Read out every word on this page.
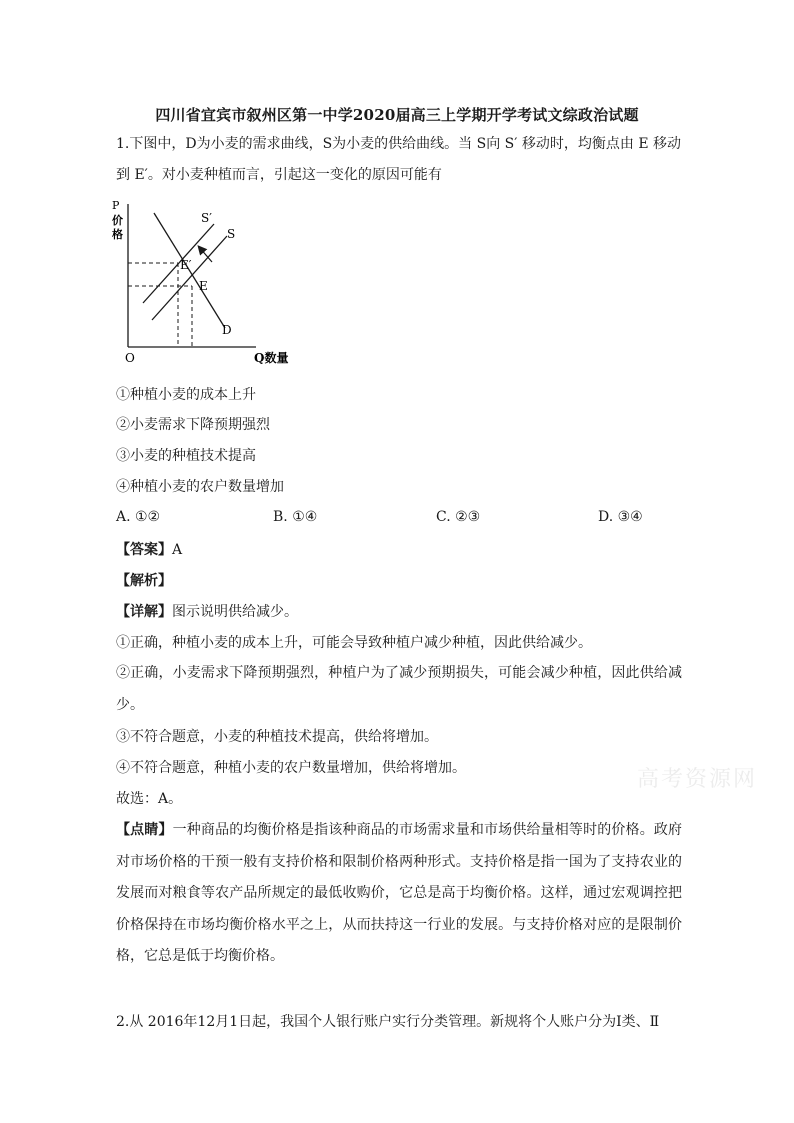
四川省宜宾市叙州区第一中学2020届高三上学期开学考试文综政治试题
1.下图中，D为小麦的需求曲线，S为小麦的供给曲线。当 S向 S′ 移动时，均衡点由 E 移动
到 E′。对小麦种植而言，引起这一变化的原因可能有
P
价
格
S′
S
E′
E
D
O	Q数量
①种植小麦的成本上升
②小麦需求下降预期强烈
③小麦的种植技术提高
④种植小麦的农户数量增加
A. ①②	B. ①④	C. ②③	D. ③④
【答案】A
【解析】
【详解】图示说明供给减少。
①正确，种植小麦的成本上升，可能会导致种植户减少种植，因此供给减少。
②正确，小麦需求下降预期强烈，种植户为了减少预期损失，可能会减少种植，因此供给减少。
③不符合题意，小麦的种植技术提高，供给将增加。
④不符合题意，种植小麦的农户数量增加，供给将增加。
故选：A。
【点睛】一种商品的均衡价格是指该种商品的市场需求量和市场供给量相等时的价格。政府对市场价格的干预一般有支持价格和限制价格两种形式。支持价格是指一国为了支持农业的发展而对粮食等农产品所规定的最低收购价，它总是高于均衡价格。这样，通过宏观调控把价格保持在市场均衡价格水平之上，从而扶持这一行业的发展。与支持价格对应的是限制价格，它总是低于均衡价格。
2.从 2016年12月1日起，我国个人银行账户实行分类管理。新规将个人账户分为Ⅰ类、Ⅱ
高考资源网
